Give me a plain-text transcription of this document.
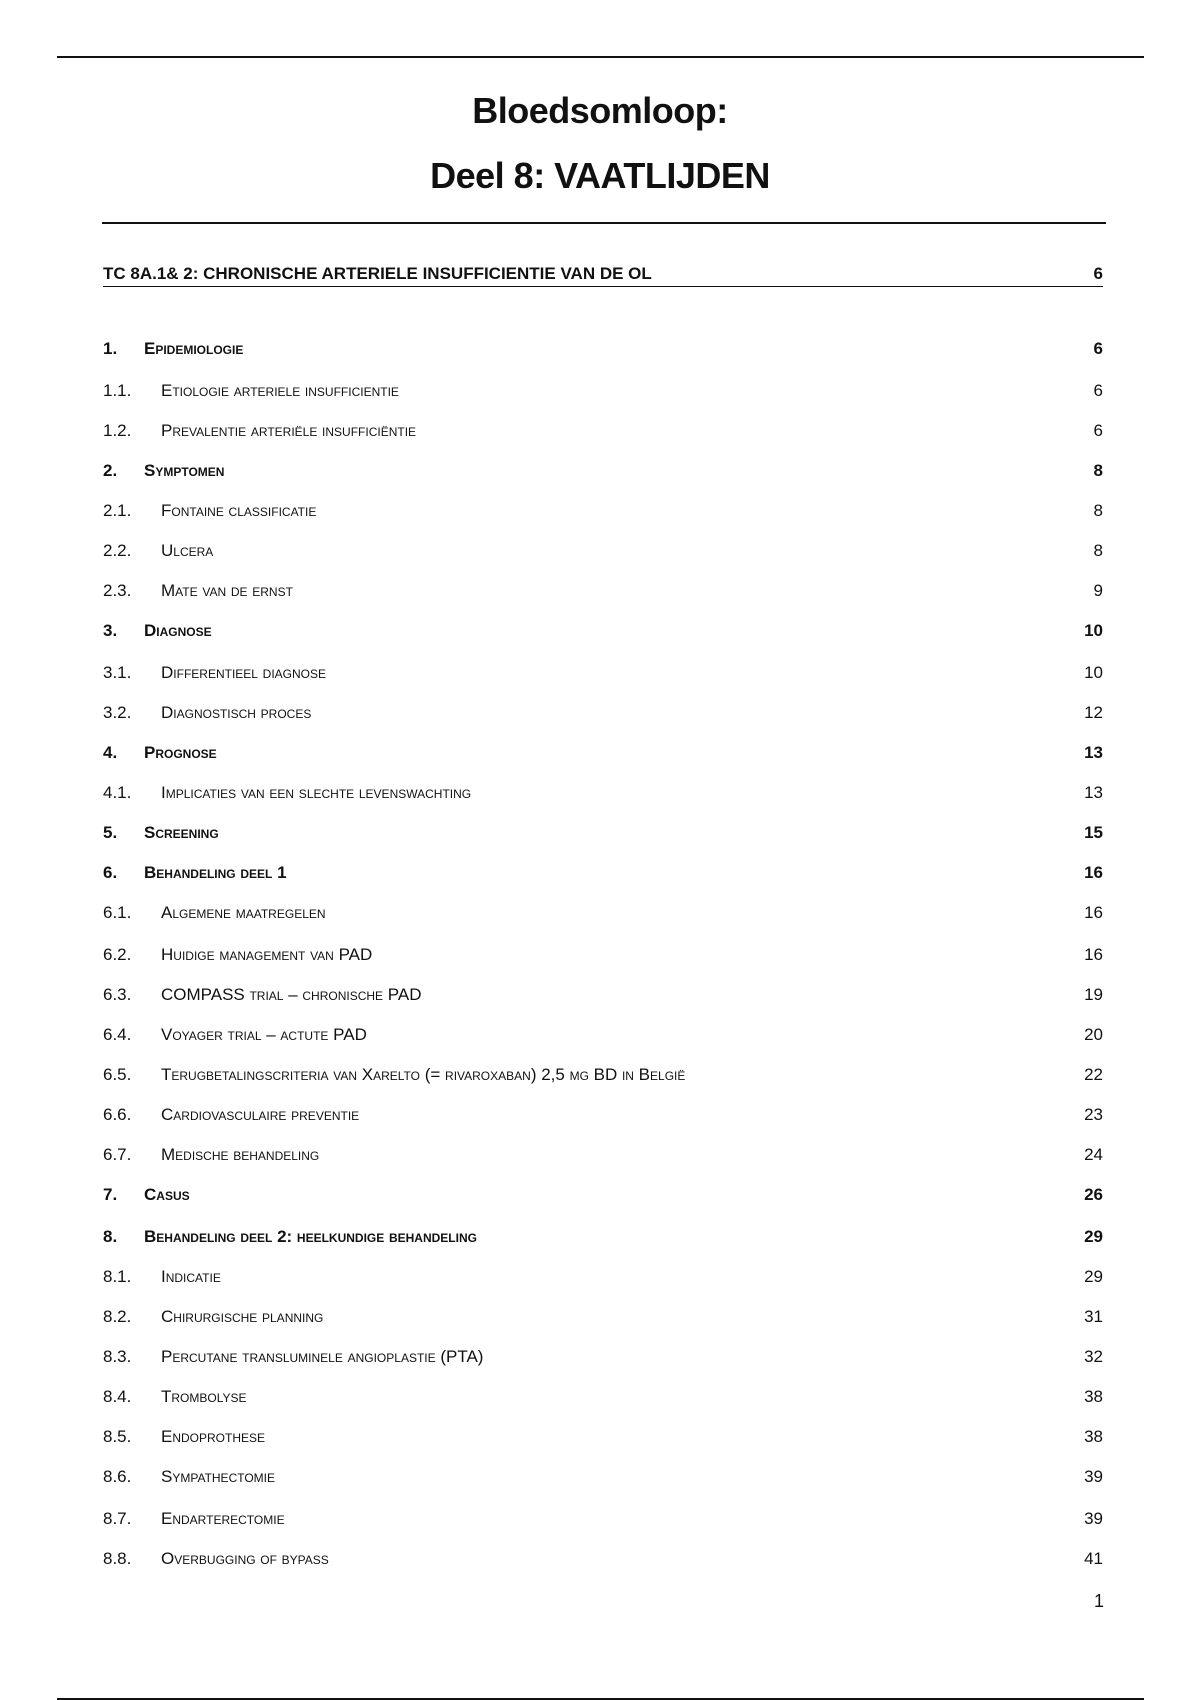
Bloedsomloop:
Deel 8: VAATLIJDEN
TC 8A.1& 2: CHRONISCHE ARTERIELE INSUFFICIENTIE VAN DE OL	6
1.	Epidemiologie	6
1.1.	Etiologie arteriele insufficientie	6
1.2.	Prevalentie arteriële insufficiëntie	6
2.	Symptomen	8
2.1.	Fontaine classificatie	8
2.2.	Ulcera	8
2.3.	Mate van de ernst	9
3.	Diagnose	10
3.1.	Differentieel diagnose	10
3.2.	Diagnostisch proces	12
4.	Prognose	13
4.1.	Implicaties van een slechte levenswachting	13
5.	Screening	15
6.	Behandeling deel 1	16
6.1.	Algemene maatregelen	16
6.2.	Huidige management van PAD	16
6.3.	COMPASS trial – chronische PAD	19
6.4.	Voyager trial – actute PAD	20
6.5.	Terugbetalingscriteria van Xarelto (= rivaroxaban) 2,5 mg BD in België	22
6.6.	Cardiovasculaire preventie	23
6.7.	Medische behandeling	24
7.	Casus	26
8.	Behandeling deel 2: heelkundige behandeling	29
8.1.	Indicatie	29
8.2.	Chirurgische planning	31
8.3.	Percutane transluminele angioplastie (PTA)	32
8.4.	Trombolyse	38
8.5.	Endoprothese	38
8.6.	Sympathectomie	39
8.7.	Endarterectomie	39
8.8.	Overbugging of bypass	41
1
